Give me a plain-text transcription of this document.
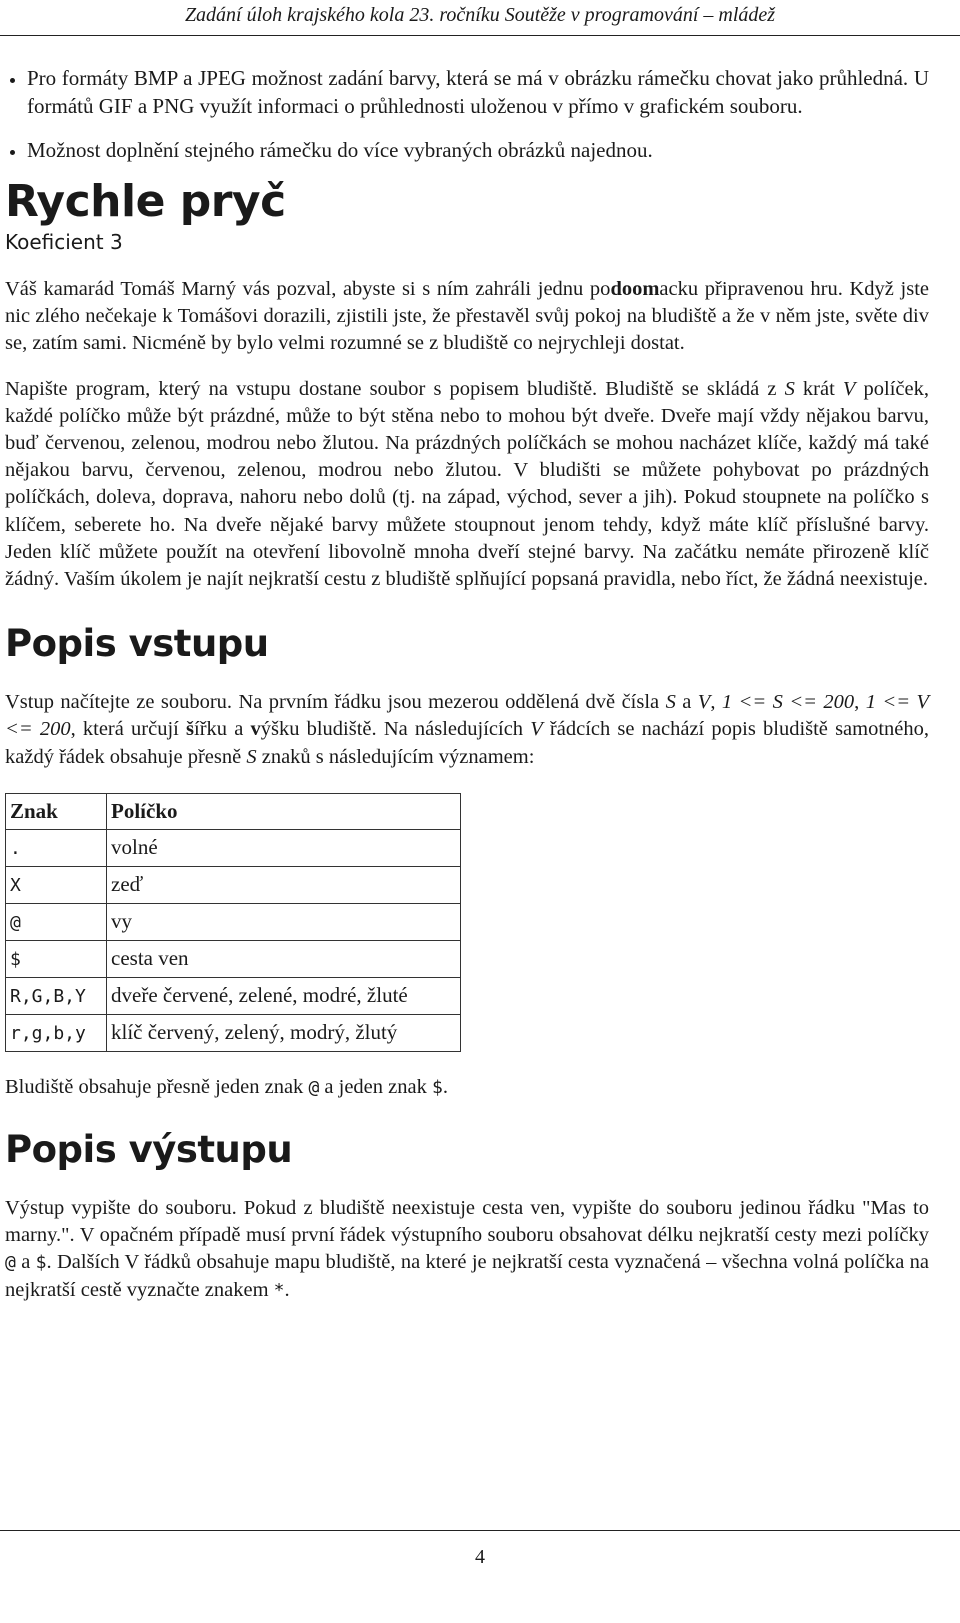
Zadání úloh krajského kola 23. ročníku Soutěže v programování – mládež
• Pro formáty BMP a JPEG možnost zadání barvy, která se má v obrázku rámečku chovat jako průhledná. U formátů GIF a PNG využít informaci o průhlednosti uloženou v přímo v grafickém souboru.
• Možnost doplnění stejného rámečku do více vybraných obrázků najednou.
Rychle pryč
Koeficient 3

Váš kamarád Tomáš Marný vás pozval, abyste si s ním zahráli jednu podoomacku připravenou hru. Když jste nic zlého nečekaje k Tomášovi dorazili, zjistili jste, že přestavěl svůj pokoj na bludiště a že v něm jste, světe div se, zatím sami. Nicméně by bylo velmi rozumné se z bludiště co nejrychleji dostat.

Napište program, který na vstupu dostane soubor s popisem bludiště. Bludiště se skládá z S krát V políček, každé políčko může být prázdné, může to být stěna nebo to mohou být dveře. Dveře mají vždy nějakou barvu, buď červenou, zelenou, modrou nebo žlutou. Na prázdných políčkách se mohou nacházet klíče, každý má také nějakou barvu, červenou, zelenou, modrou nebo žlutou. V bludišti se můžete pohybovat po prázdných políčkách, doleva, doprava, nahoru nebo dolů (tj. na západ, východ, sever a jih). Pokud stoupnete na políčko s klíčem, seberete ho. Na dveře nějaké barvy můžete stoupnout jenom tehdy, když máte klíč příslušné barvy. Jeden klíč můžete použít na otevření libovolně mnoha dveří stejné barvy. Na začátku nemáte přirozeně klíč žádný. Vaším úkolem je najít nejkratší cestu z bludiště splňující popsaná pravidla, nebo říct, že žádná neexistuje.

Popis vstupu

Vstup načítejte ze souboru. Na prvním řádku jsou mezerou oddělená dvě čísla S a V, 1 <= S <= 200, 1 <= V <= 200, která určují šířku a výšku bludiště. Na následujících V řádcích se nachází popis bludiště samotného, každý řádek obsahuje přesně S znaků s následujícím významem:

Znak	Políčko
.	volné
X	zeď
@	vy
$	cesta ven
R,G,B,Y	dveře červené, zelené, modré, žluté
r,g,b,y	klíč červený, zelený, modrý, žlutý

Bludiště obsahuje přesně jeden znak @ a jeden znak $.

Popis výstupu

Výstup vypište do souboru. Pokud z bludiště neexistuje cesta ven, vypište do souboru jedinou řádku "Mas to marny.". V opačném případě musí první řádek výstupního souboru obsahovat délku nejkratší cesty mezi políčky @ a $. Dalších V řádků obsahuje mapu bludiště, na které je nejkratší cesta vyznačená – všechna volná políčka na nejkratší cestě vyznačte znakem *.

4
